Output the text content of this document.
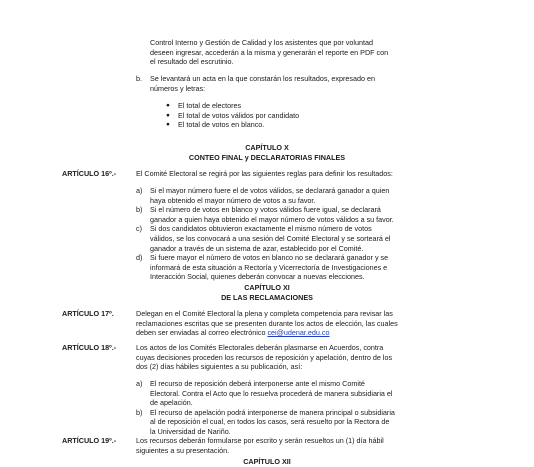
Control Interno y Gestión de Calidad y los asistentes que por voluntad
deseen ingresar, accederán a la misma y generarán el reporte en PDF con
el resultado del escrutinio.
b. Se levantará un acta en la que constarán los resultados, expresado en
números y letras:
● El total de electores
● El total de votos válidos por candidato
● El total de votos en blanco.
CAPÍTULO X
CONTEO FINAL y DECLARATORIAS FINALES
ARTÍCULO 16º.-	El Comité Electoral se regirá por las siguientes reglas para definir los resultados:
a) Si el mayor número fuere el de votos válidos, se declarará ganador a quien
haya obtenido el mayor número de votos a su favor.
b) Si el número de votos en blanco y votos válidos fuere igual, se declarará
ganador a quien haya obtenido el mayor número de votos válidos a su favor.
c) Si dos candidatos obtuvieron exactamente el mismo número de votos
válidos, se los convocará a una sesión del Comité Electoral y se sorteará el
ganador a través de un sistema de azar, establecido por el Comité.
d) Si fuere mayor el número de votos en blanco no se declarará ganador y se
informará de esta situación a Rectoría y Vicerrectoría de Investigaciones e
Interacción Social, quienes deberán convocar a nuevas elecciones.
CAPÍTULO XI
DE LAS RECLAMACIONES
ARTÍCULO 17º.	Delegan en el Comité Electoral la plena y completa competencia para revisar las
reclamaciones escritas que se presenten durante los actos de elección, las cuales
deben ser enviadas al correo electrónico cei@udenar.edu.co
ARTÍCULO 18º.-	Los actos de los Comités Electorales deberán plasmarse en Acuerdos, contra
cuyas decisiones proceden los recursos de reposición y apelación, dentro de los
dos (2) días hábiles siguientes a su publicación, así:
a) El recurso de reposición deberá interponerse ante el mismo Comité
Electoral. Contra el Acto que lo resuelva procederá de manera subsidiaria el
de apelación.
b) El recurso de apelación podrá interponerse de manera principal o subsidiaria
al de reposición el cual, en todos los casos, será resuelto por la Rectora de
la Universidad de Nariño.
ARTÍCULO 19º.-	Los recursos deberán formularse por escrito y serán resueltos un (1) día hábil
siguientes a su presentación.
CAPÍTULO XII
